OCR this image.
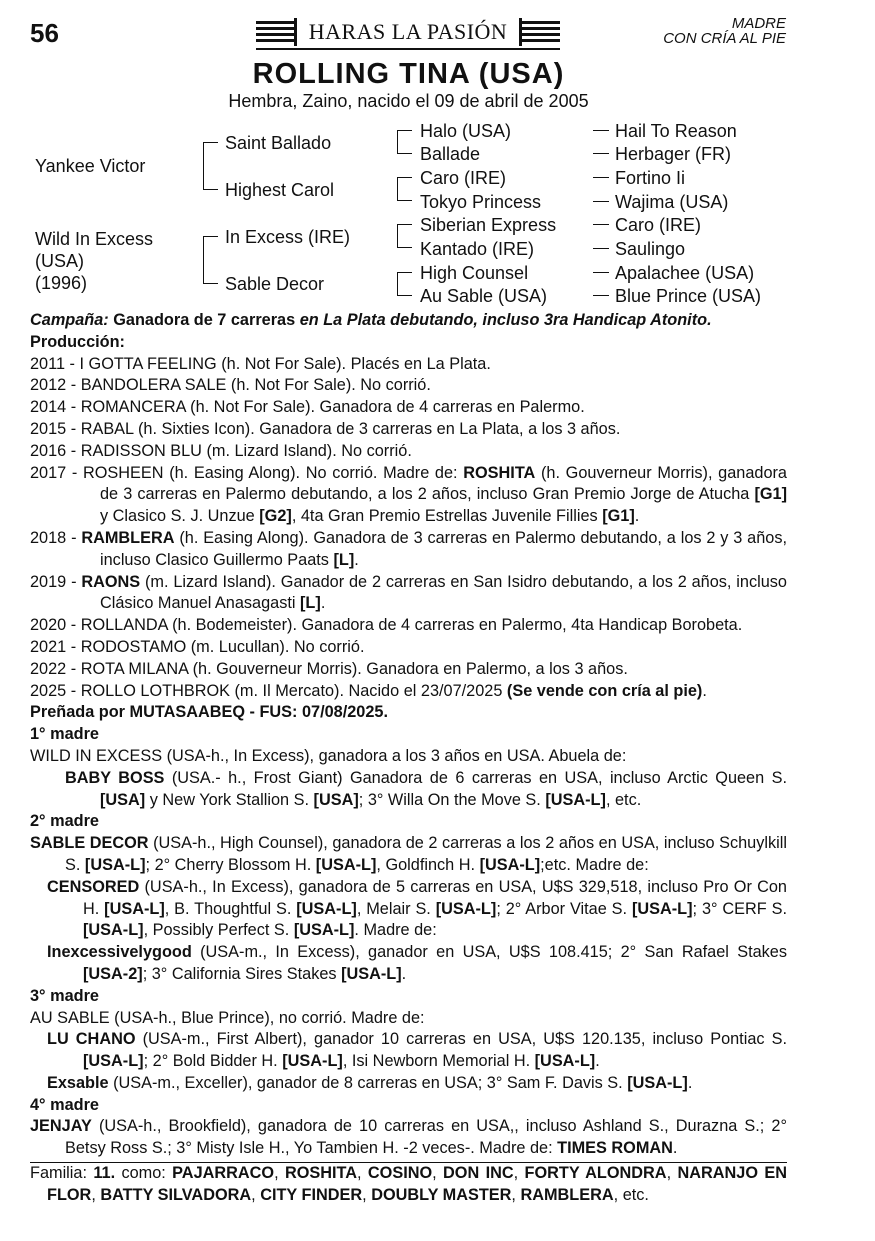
56	HARAS LA PASIÓN	MADRE
CON CRÍA AL PIE
ROLLING TINA (USA)
Hembra, Zaino, nacido el 09 de abril de 2005
Yankee Victor
Wild In Excess
(USA)
(1996)
Saint Ballado
Highest Carol
In Excess (IRE)
Sable Decor
Halo (USA)
Ballade
Caro (IRE)
Tokyo Princess
Siberian Express
Kantado (IRE)
High Counsel
Au Sable (USA)
Hail To Reason
Herbager (FR)
Fortino Ii
Wajima (USA)
Caro (IRE)
Saulingo
Apalachee (USA)
Blue Prince (USA)

Campaña: Ganadora de 7 carreras en La Plata debutando, incluso 3ra Handicap Atonito.

Producción:

2011 - I GOTTA FEELING (h. Not For Sale). Placés en La Plata.

2012 - BANDOLERA SALE (h. Not For Sale). No corrió.

2014 - ROMANCERA (h. Not For Sale). Ganadora de 4 carreras en Palermo.

2015 - RABAL (h. Sixties Icon). Ganadora de 3 carreras en La Plata, a los 3 años.

2016 - RADISSON BLU (m. Lizard Island). No corrió.

2017 - ROSHEEN (h. Easing Along). No corrió. Madre de: ROSHITA (h. Gouverneur Morris), ganadora de 3 carreras en Palermo debutando, a los 2 años, incluso Gran Premio Jorge de Atucha [G1] y Clasico S. J. Unzue [G2], 4ta Gran Premio Estrellas Juvenile Fillies [G1].

2018 - RAMBLERA (h. Easing Along). Ganadora de 3 carreras en Palermo debutando, a los 2 y 3 años, incluso Clasico Guillermo Paats [L].

2019 - RAONS (m. Lizard Island). Ganador de 2 carreras en San Isidro debutando, a los 2 años, incluso Clásico Manuel Anasagasti [L].

2020 - ROLLANDA (h. Bodemeister). Ganadora de 4 carreras en Palermo, 4ta Handicap Borobeta.

2021 - RODOSTAMO (m. Lucullan). No corrió.

2022 - ROTA MILANA (h. Gouverneur Morris). Ganadora en Palermo, a los 3 años.

2025 - ROLLO LOTHBROK (m. Il Mercato). Nacido el 23/07/2025 (Se vende con cría al pie).

Preñada por MUTASAABEQ - FUS: 07/08/2025.

1° madre

WILD IN EXCESS (USA-h., In Excess), ganadora a los 3 años en USA. Abuela de:

BABY BOSS (USA.- h., Frost Giant) Ganadora de 6 carreras en USA, incluso Arctic Queen S. [USA] y New York Stallion S. [USA]; 3° Willa On the Move S. [USA-L], etc.

2° madre

SABLE DECOR (USA-h., High Counsel), ganadora de 2 carreras a los 2 años en USA, incluso Schuylkill S. [USA-L]; 2° Cherry Blossom H. [USA-L], Goldfinch H. [USA-L];etc. Madre de:

CENSORED (USA-h., In Excess), ganadora de 5 carreras en USA, U$S 329,518, incluso Pro Or Con H. [USA-L], B. Thoughtful S. [USA-L], Melair S. [USA-L]; 2° Arbor Vitae S. [USA-L]; 3° CERF S. [USA-L], Possibly Perfect S. [USA-L]. Madre de:

Inexcessivelygood (USA-m., In Excess), ganador en USA, U$S 108.415; 2° San Rafael Stakes [USA-2]; 3° California Sires Stakes [USA-L].

3° madre

AU SABLE (USA-h., Blue Prince), no corrió. Madre de:

LU CHANO (USA-m., First Albert), ganador 10 carreras en USA, U$S 120.135, incluso Pontiac S. [USA-L]; 2° Bold Bidder H. [USA-L], Isi Newborn Memorial H. [USA-L].

Exsable (USA-m., Exceller), ganador de 8 carreras en USA; 3° Sam F. Davis S. [USA-L].

4° madre

JENJAY (USA-h., Brookfield), ganadora de 10 carreras en USA,, incluso Ashland S., Durazna S.; 2° Betsy Ross S.; 3° Misty Isle H., Yo Tambien H. -2 veces-. Madre de: TIMES ROMAN.

Familia: 11. como: PAJARRACO, ROSHITA, COSINO, DON INC, FORTY ALONDRA, NARANJO EN FLOR, BATTY SILVADORA, CITY FINDER, DOUBLY MASTER, RAMBLERA, etc.
